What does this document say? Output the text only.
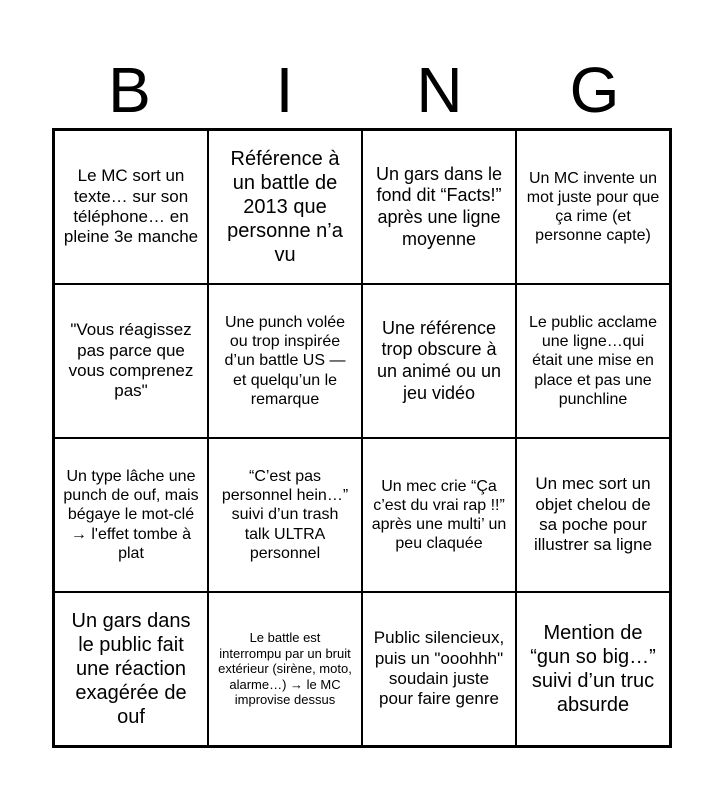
B	I	N	G
Le MC sort un texte… sur son téléphone… en pleine 3e manche
Référence à un battle de 2013 que personne n’a vu
Un gars dans le fond dit “Facts!” après une ligne moyenne
Un MC invente un mot juste pour que ça rime (et personne capte)
"Vous réagissez pas parce que vous comprenez pas"
Une punch volée ou trop inspirée d’un battle US — et quelqu’un le remarque
Une référence trop obscure à un animé ou un jeu vidéo
Le public acclame une ligne…qui était une mise en place et pas une punchline
Un type lâche une punch de ouf, mais bégaye le mot-clé → l'effet tombe à plat
“C’est pas personnel hein…” suivi d’un trash talk ULTRA personnel
Un mec crie “Ça c’est du vrai rap !!” après une multi’ un peu claquée
Un mec sort un objet chelou de sa poche pour illustrer sa ligne
Un gars dans le public fait une réaction exagérée de ouf
Le battle est interrompu par un bruit extérieur (sirène, moto, alarme…) → le MC improvise dessus
Public silencieux, puis un "ooohhh" soudain juste pour faire genre
Mention de “gun so big…” suivi d’un truc absurde
